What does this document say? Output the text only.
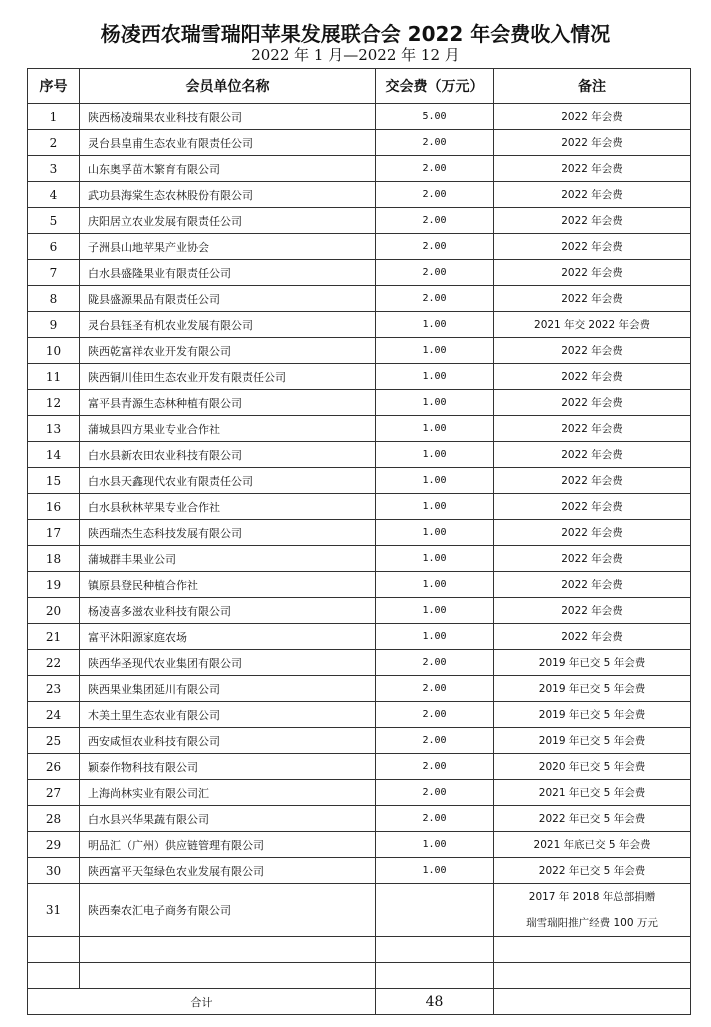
杨凌西农瑞雪瑞阳苹果发展联合会 2022 年会费收入情况
2022 年 1 月—2022 年 12 月
序号	会员单位名称	交会费（万元）	备注
1	陕西杨凌瑞果农业科技有限公司	5.00	2022 年会费
2	灵台县皇甫生态农业有限责任公司	2.00	2022 年会费
3	山东奥孚苗木繁育有限公司	2.00	2022 年会费
4	武功县海棠生态农林股份有限公司	2.00	2022 年会费
5	庆阳居立农业发展有限责任公司	2.00	2022 年会费
6	子洲县山地苹果产业协会	2.00	2022 年会费
7	白水县盛隆果业有限责任公司	2.00	2022 年会费
8	陇县盛源果品有限责任公司	2.00	2022 年会费
9	灵台县钰圣有机农业发展有限公司	1.00	2021 年交 2022 年会费
10	陕西乾富祥农业开发有限公司	1.00	2022 年会费
11	陕西铜川佳田生态农业开发有限责任公司	1.00	2022 年会费
12	富平县青源生态林种植有限公司	1.00	2022 年会费
13	蒲城县四方果业专业合作社	1.00	2022 年会费
14	白水县新农田农业科技有限公司	1.00	2022 年会费
15	白水县天鑫现代农业有限责任公司	1.00	2022 年会费
16	白水县秋林苹果专业合作社	1.00	2022 年会费
17	陕西瑞杰生态科技发展有限公司	1.00	2022 年会费
18	蒲城群丰果业公司	1.00	2022 年会费
19	镇原县登民种植合作社	1.00	2022 年会费
20	杨凌喜多滋农业科技有限公司	1.00	2022 年会费
21	富平沐阳源家庭农场	1.00	2022 年会费
22	陕西华圣现代农业集团有限公司	2.00	2019 年已交 5 年会费
23	陕西果业集团延川有限公司	2.00	2019 年已交 5 年会费
24	木美土里生态农业有限公司	2.00	2019 年已交 5 年会费
25	西安咸恒农业科技有限公司	2.00	2019 年已交 5 年会费
26	颖泰作物科技有限公司	2.00	2020 年已交 5 年会费
27	上海尚林实业有限公司汇	2.00	2021 年已交 5 年会费
28	白水县兴华果蔬有限公司	2.00	2022 年已交 5 年会费
29	明品汇（广州）供应链管理有限公司	1.00	2021 年底已交 5 年会费
30	陕西富平天玺绿色农业发展有限公司	1.00	2022 年已交 5 年会费
31	陕西秦农汇电子商务有限公司		2017 年 2018 年总部捐赠
瑞雪瑞阳推广经费 100 万元

合计		48	
